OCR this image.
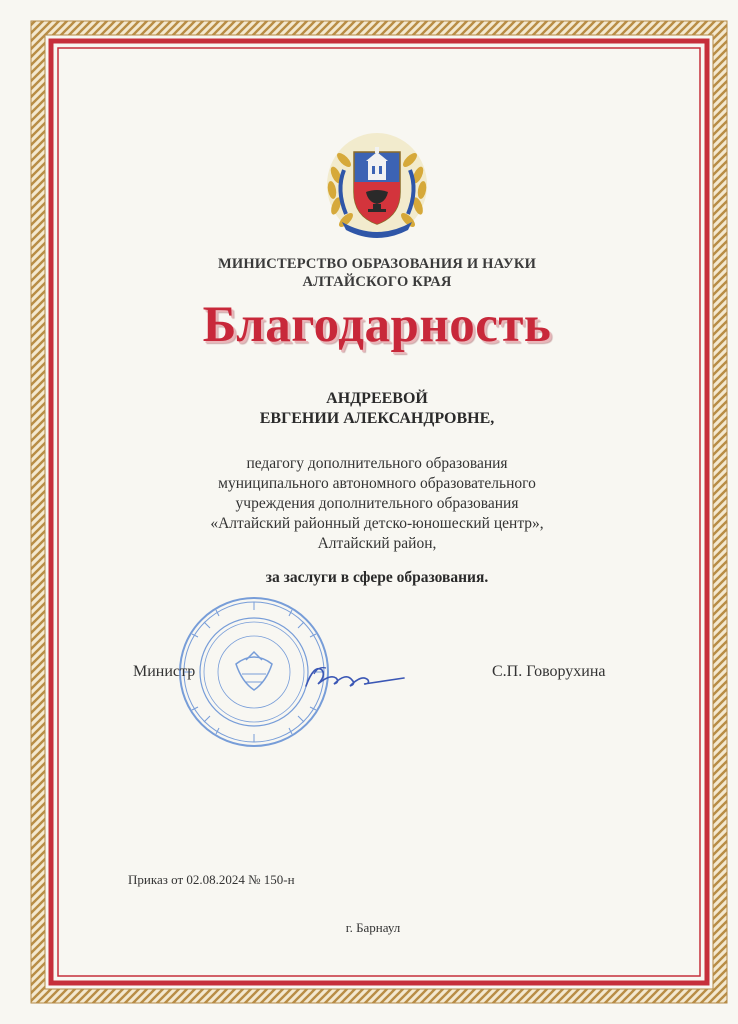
МИНИСТЕРСТВО ОБРАЗОВАНИЯ И НАУКИ
АЛТАЙСКОГО КРАЯ
Благодарность
АНДРЕЕВОЙ
ЕВГЕНИИ АЛЕКСАНДРОВНЕ,
педагогу дополнительного образования
муниципального автономного образовательного
учреждения дополнительного образования
«Алтайский районный детско-юношеский центр»,
Алтайский район,
за заслуги в сфере образования.
Министр	С.П. Говорухина
Приказ от 02.08.2024 № 150-н
г. Барнаул
